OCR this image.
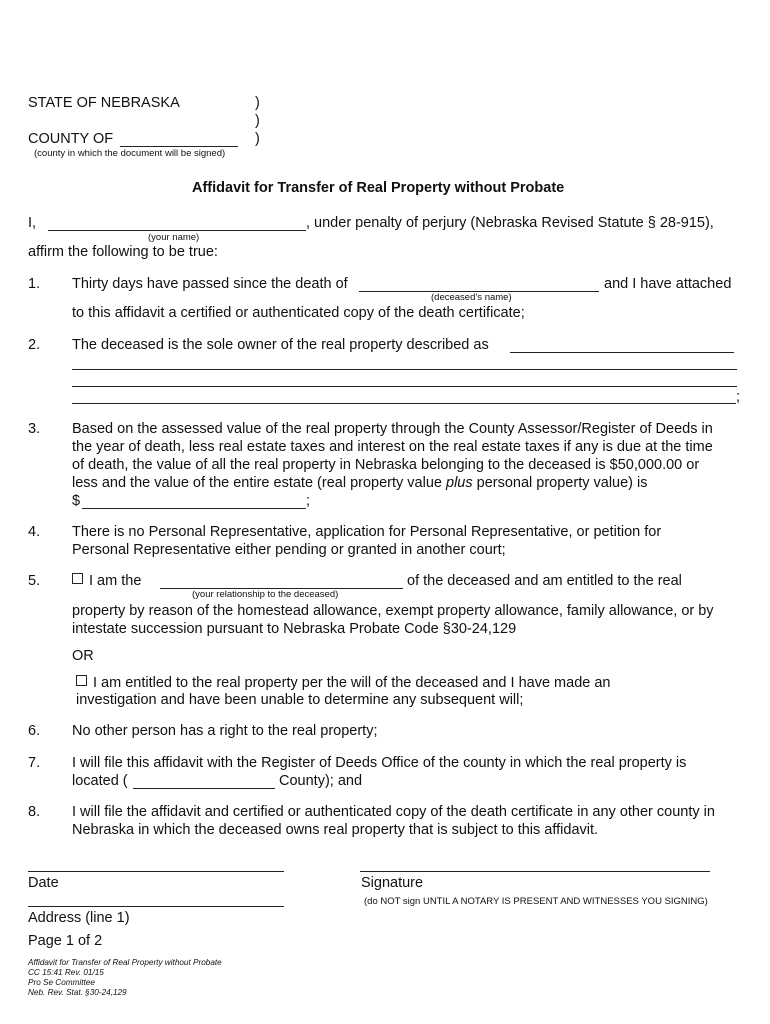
STATE OF NEBRASKA	)
)
COUNTY OF	)
(county in which the document will be signed)
Affidavit for Transfer of Real Property without Probate
I,	, under penalty of perjury (Nebraska Revised Statute § 28-915),
(your name)
affirm the following to be true:
1. Thirty days have passed since the death of	and I have attached
(deceased’s name)
to this affidavit a certified or authenticated copy of the death certificate;
2. The deceased is the sole owner of the real property described as
;
3. Based on the assessed value of the real property through the County Assessor/Register of Deeds in
the year of death, less real estate taxes and interest on the real estate taxes if any is due at the time
of death, the value of all the real property in Nebraska belonging to the deceased is $50,000.00 or
less and the value of the entire estate (real property value plus personal property value) is
$	;
4. There is no Personal Representative, application for Personal Representative, or petition for
Personal Representative either pending or granted in another court;
5.	I am the	of the deceased and am entitled to the real
(your relationship to the deceased)
property by reason of the homestead allowance, exempt property allowance, family allowance, or by
intestate succession pursuant to Nebraska Probate Code §30-24,129
OR
I am entitled to the real property per the will of the deceased and I have made an
investigation and have been unable to determine any subsequent will;
6. No other person has a right to the real property;
7. I will file this affidavit with the Register of Deeds Office of the county in which the real property is
located (	County); and
8. I will file the affidavit and certified or authenticated copy of the death certificate in any other county in
Nebraska in which the deceased owns real property that is subject to this affidavit.
Date	Signature
(do NOT sign UNTIL A NOTARY IS PRESENT AND WITNESSES YOU SIGNING)
Address (line 1)
Page 1 of 2
Affidavit for Transfer of Real Property without Probate
CC 15:41 Rev. 01/15
Pro Se Committee
Neb. Rev. Stat. §30-24,129
